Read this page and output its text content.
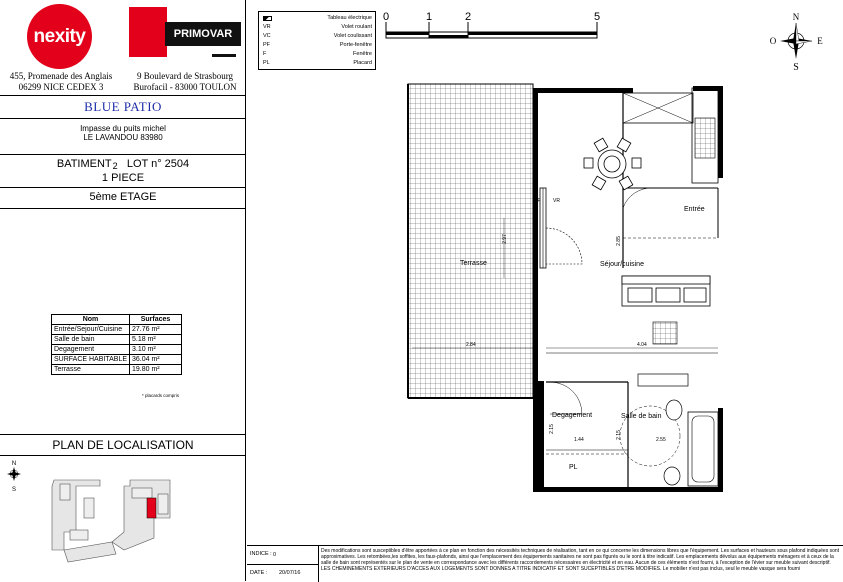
nexity	PRIMOVAR
455, Promenade des Anglais
06299 NICE CEDEX 3
9 Boulevard de Strasbourg
Burofacil - 83000 TOULON
BLUE PATIO
Impasse du puits michel
LE LAVANDOU 83980
BATIMENT2 LOT n° 2504
1 PIECE
5ème ETAGE
Nom	Surfaces
Entrée/Sejour/Cuisine	27.76 m²
Salle de bain	5.18 m²
Degagement	3.10 m²
SURFACE HABITABLE	36.04 m²
Terrasse	19.80 m²
* placards compris
PLAN DE LOCALISATION
N
S
Tableau électrique
VR	Volet roulant
VC	Volet coulissant
PF	Porte-fenêtre
F	Fenêtre
PL	Placard
0	1	2	5	N
S
E
O
Terrasse
Entrée
Séjour/cuisine
Degagement	Salle de bain
PL
PF	VR
2.84	4.04
1.44	2.55
2.15
2.15
2.97	2.85
INDICE : 0
DATE : 20/07/16
Des modifications sont susceptibles d'être apportées à ce plan en fonction des nécessités techniques de réalisation, tant en ce qui concerne les dimensions libres que l'équipement. Les surfaces et hauteurs sous plafond indiquées sont approximatives. Les retombées,les soffites, les faux-plafonds, ainsi que l'emplacement des équipements sanitaires ne sont pas figurés ou le sont à titre indicatif. Les emplacements dévolus aux équipements ménagers et à ceux de la salle de bain sont représentés sur le plan de vente en correspondance avec les différents raccordements nécessaires en électricité et en eau. Aucun de ces éléments n'est fourni, à l'exception de l'évier sur meuble suivant descriptif. LES CHEMINEMENTS EXTERIEURS D'ACCES AUX LOGEMENTS SONT DONNES A TITRE INDICATIF ET SONT SUCEPTIBLES D'ETRE MODIFIES. Le mobilier n'est pas inclus, seul le meuble vasque sera fourni
